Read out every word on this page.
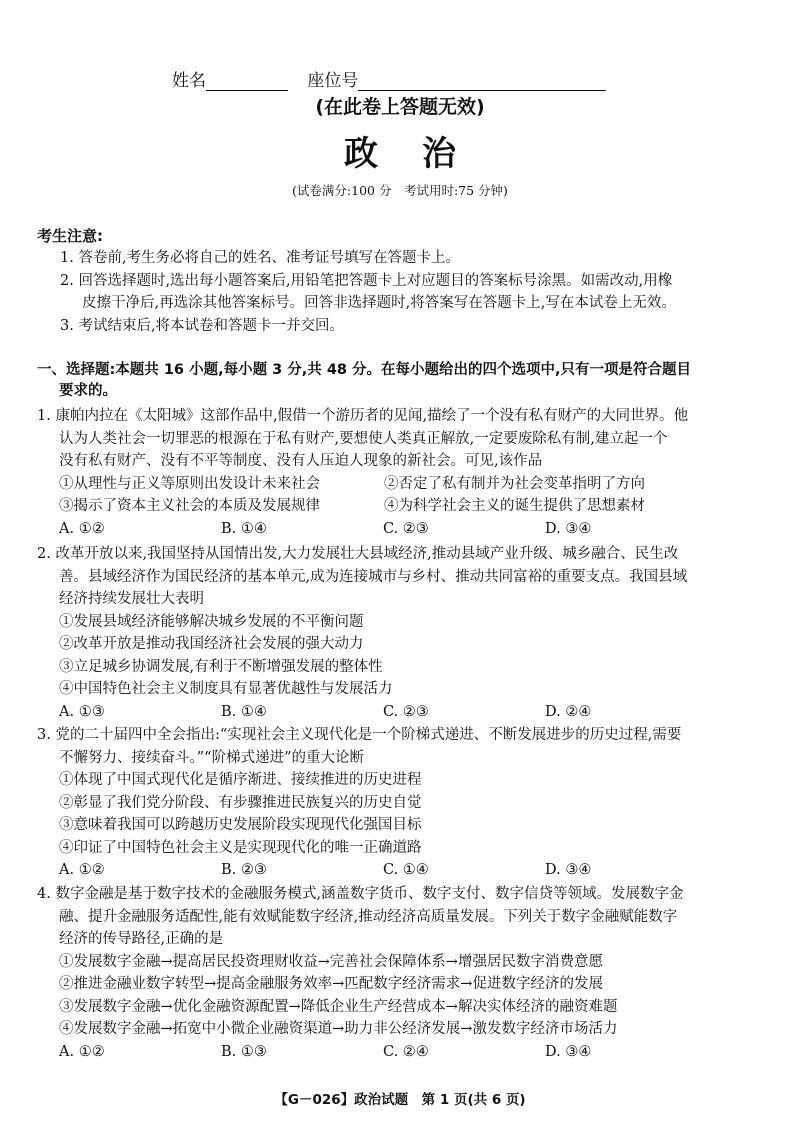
姓名	座位号
(在此卷上答题无效)
政治
(试卷满分:100 分　考试用时:75 分钟)
考生注意:
1. 答卷前,考生务必将自己的姓名、准考证号填写在答题卡上。
2. 回答选择题时,选出每小题答案后,用铅笔把答题卡上对应题目的答案标号涂黑。如需改动,用橡
皮擦干净后,再选涂其他答案标号。回答非选择题时,将答案写在答题卡上,写在本试卷上无效。
3. 考试结束后,将本试卷和答题卡一并交回。
一、选择题:本题共 16 小题,每小题 3 分,共 48 分。在每小题给出的四个选项中,只有一项是符合题目
要求的。
1. 康帕内拉在《太阳城》这部作品中,假借一个游历者的见闻,描绘了一个没有私有财产的大同世界。他
认为人类社会一切罪恶的根源在于私有财产,要想使人类真正解放,一定要废除私有制,建立起一个
没有私有财产、没有不平等制度、没有人压迫人现象的新社会。可见,该作品
①从理性与正义等原则出发设计未来社会	②否定了私有制并为社会变革指明了方向
③揭示了资本主义社会的本质及发展规律	④为科学社会主义的诞生提供了思想素材
A. ①②	B. ①④	C. ②③	D. ③④
2. 改革开放以来,我国坚持从国情出发,大力发展壮大县域经济,推动县域产业升级、城乡融合、民生改
善。县域经济作为国民经济的基本单元,成为连接城市与乡村、推动共同富裕的重要支点。我国县域
经济持续发展壮大表明
①发展县域经济能够解决城乡发展的不平衡问题
②改革开放是推动我国经济社会发展的强大动力
③立足城乡协调发展,有利于不断增强发展的整体性
④中国特色社会主义制度具有显著优越性与发展活力
A. ①③	B. ①④	C. ②③	D. ②④
3. 党的二十届四中全会指出:“实现社会主义现代化是一个阶梯式递进、不断发展进步的历史过程,需要
不懈努力、接续奋斗。”“阶梯式递进”的重大论断
①体现了中国式现代化是循序渐进、接续推进的历史进程
②彰显了我们党分阶段、有步骤推进民族复兴的历史自觉
③意味着我国可以跨越历史发展阶段实现现代化强国目标
④印证了中国特色社会主义是实现现代化的唯一正确道路
A. ①②	B. ②③	C. ①④	D. ③④
4. 数字金融是基于数字技术的金融服务模式,涵盖数字货币、数字支付、数字信贷等领域。发展数字金
融、提升金融服务适配性,能有效赋能数字经济,推动经济高质量发展。下列关于数字金融赋能数字
经济的传导路径,正确的是
①发展数字金融→提高居民投资理财收益→完善社会保障体系→增强居民数字消费意愿
②推进金融业数字转型→提高金融服务效率→匹配数字经济需求→促进数字经济的发展
③发展数字金融→优化金融资源配置→降低企业生产经营成本→解决实体经济的融资难题
④发展数字金融→拓宽中小微企业融资渠道→助力非公经济发展→激发数字经济市场活力
A. ①②	B. ①③	C. ②④	D. ③④
【G－026】政治试题　第 1 页(共 6 页)
